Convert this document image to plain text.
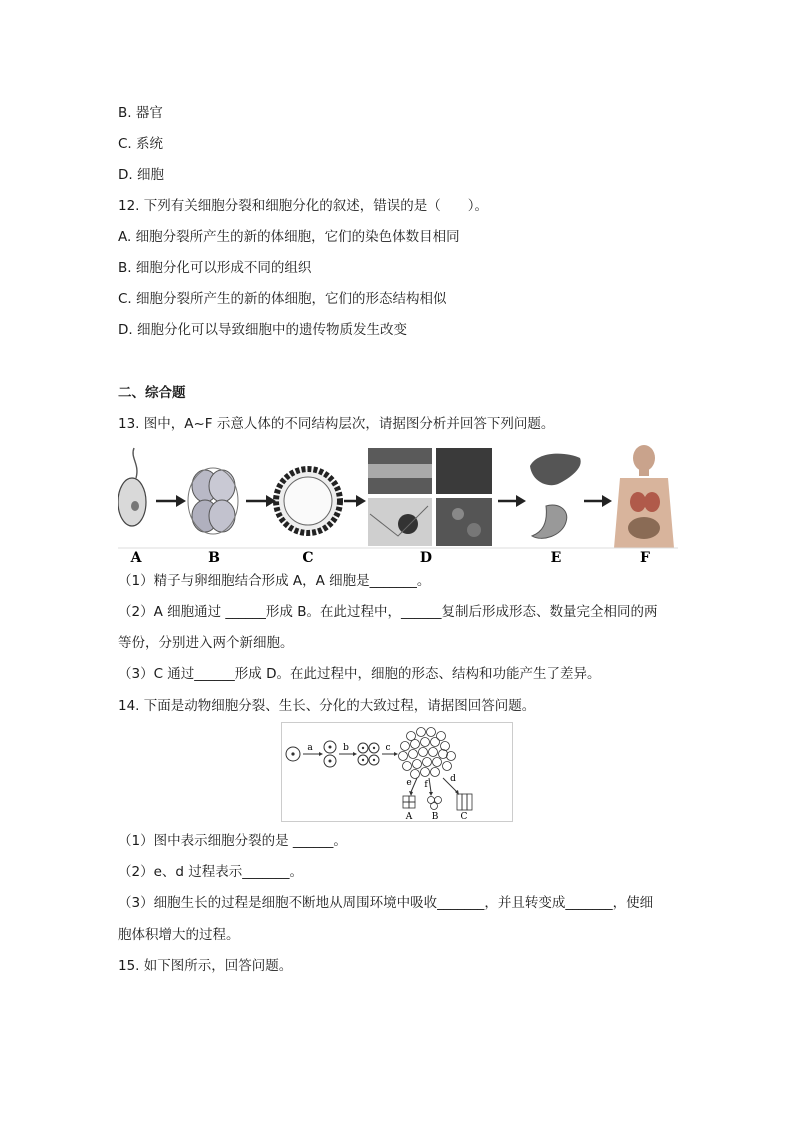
B. 器官
C. 系统
D. 细胞
12. 下列有关细胞分裂和细胞分化的叙述，错误的是（　　）。
A. 细胞分裂所产生的新的体细胞，它们的染色体数目相同
B. 细胞分化可以形成不同的组织
C. 细胞分裂所产生的新的体细胞，它们的形态结构相似
D. 细胞分化可以导致细胞中的遗传物质发生改变
二、综合题
13. 图中，A~F 示意人体的不同结构层次，请据图分析并回答下列问题。
A	B	C	D	E	F
（1）精子与卵细胞结合形成 A，A 细胞是_______。
（2）A 细胞通过 ______形成 B。在此过程中，______复制后形成形态、数量完全相同的两
等份，分别进入两个新细胞。
（3）C 通过______形成 D。在此过程中，细胞的形态、结构和功能产生了差异。
14. 下面是动物细胞分裂、生长、分化的大致过程，请据图回答问题。
a	b	c
e f
d
A B C
（1）图中表示细胞分裂的是 ______。
（2）e、d 过程表示_______。
（3）细胞生长的过程是细胞不断地从周围环境中吸收_______，并且转变成_______，使细
胞体积增大的过程。
15. 如下图所示，回答问题。
